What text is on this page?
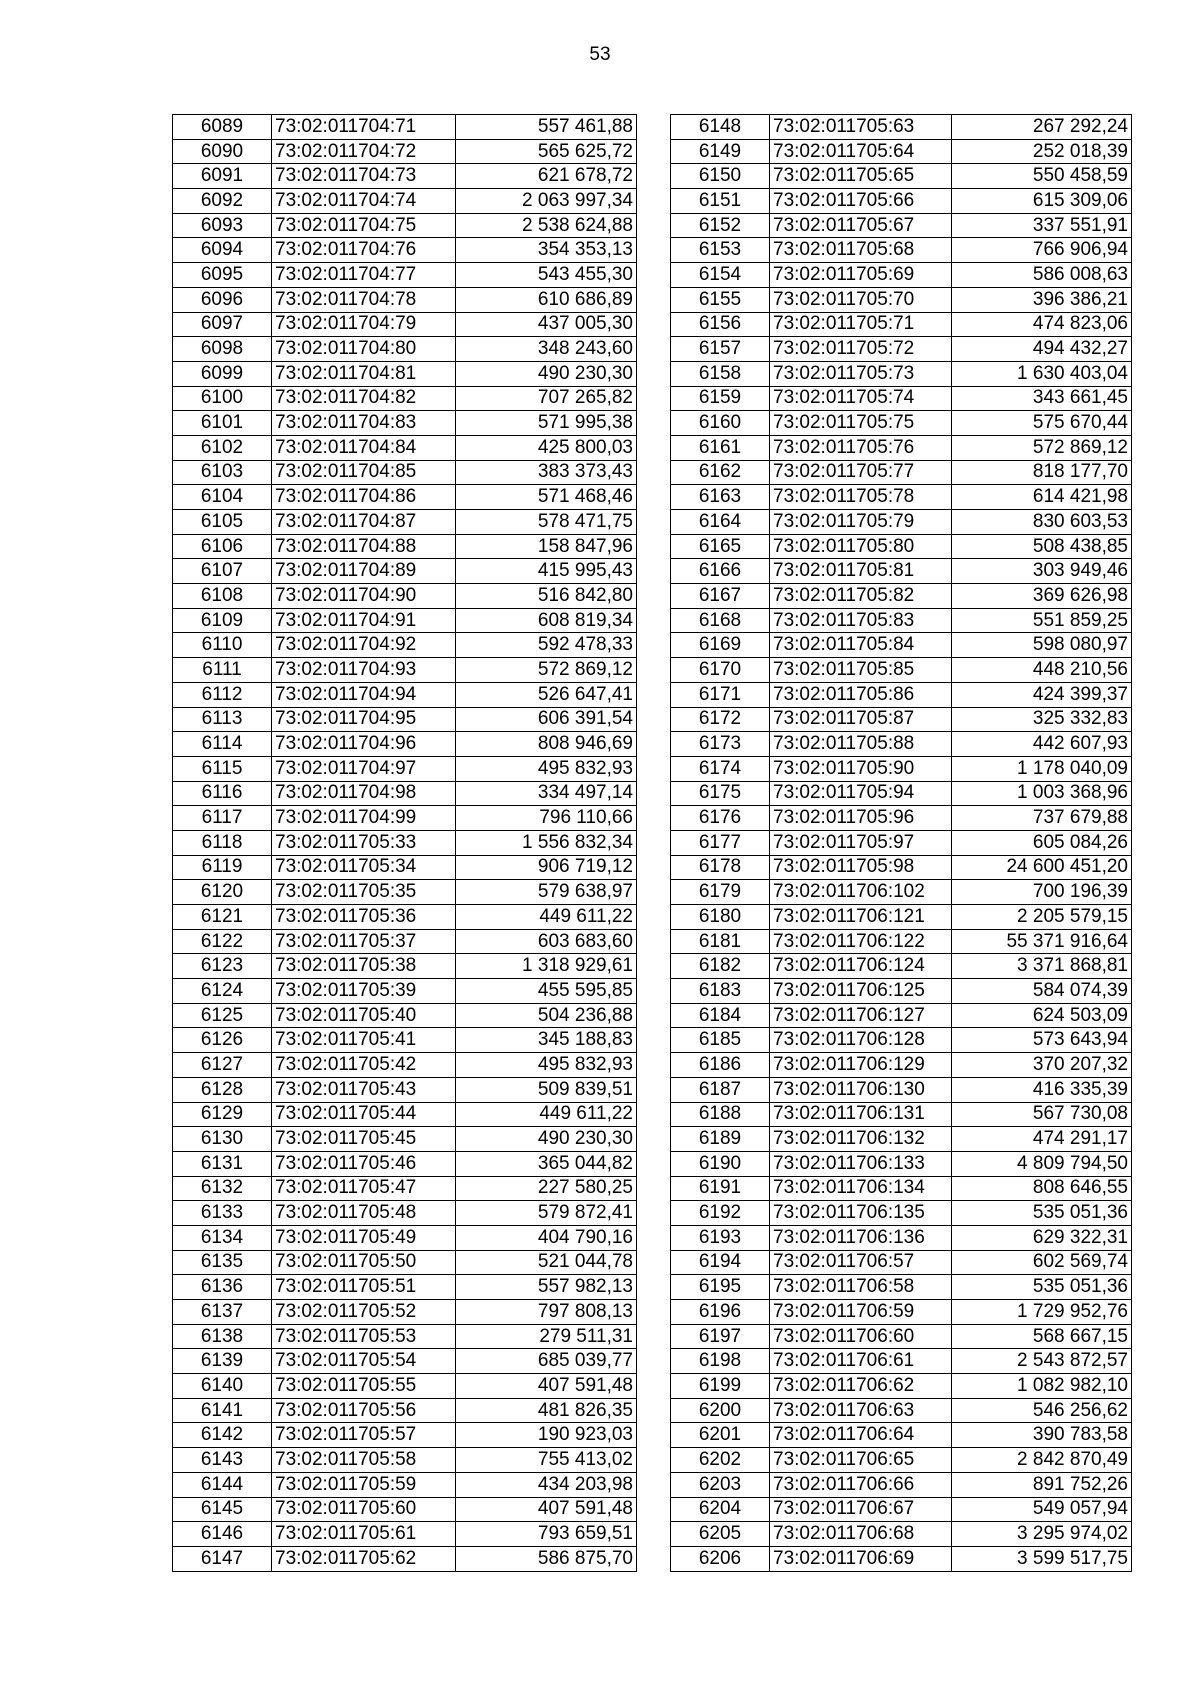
53
6089	73:02:011704:71	557 461,88
6090	73:02:011704:72	565 625,72
6091	73:02:011704:73	621 678,72
6092	73:02:011704:74	2 063 997,34
6093	73:02:011704:75	2 538 624,88
6094	73:02:011704:76	354 353,13
6095	73:02:011704:77	543 455,30
6096	73:02:011704:78	610 686,89
6097	73:02:011704:79	437 005,30
6098	73:02:011704:80	348 243,60
6099	73:02:011704:81	490 230,30
6100	73:02:011704:82	707 265,82
6101	73:02:011704:83	571 995,38
6102	73:02:011704:84	425 800,03
6103	73:02:011704:85	383 373,43
6104	73:02:011704:86	571 468,46
6105	73:02:011704:87	578 471,75
6106	73:02:011704:88	158 847,96
6107	73:02:011704:89	415 995,43
6108	73:02:011704:90	516 842,80
6109	73:02:011704:91	608 819,34
6110	73:02:011704:92	592 478,33
6111	73:02:011704:93	572 869,12
6112	73:02:011704:94	526 647,41
6113	73:02:011704:95	606 391,54
6114	73:02:011704:96	808 946,69
6115	73:02:011704:97	495 832,93
6116	73:02:011704:98	334 497,14
6117	73:02:011704:99	796 110,66
6118	73:02:011705:33	1 556 832,34
6119	73:02:011705:34	906 719,12
6120	73:02:011705:35	579 638,97
6121	73:02:011705:36	449 611,22
6122	73:02:011705:37	603 683,60
6123	73:02:011705:38	1 318 929,61
6124	73:02:011705:39	455 595,85
6125	73:02:011705:40	504 236,88
6126	73:02:011705:41	345 188,83
6127	73:02:011705:42	495 832,93
6128	73:02:011705:43	509 839,51
6129	73:02:011705:44	449 611,22
6130	73:02:011705:45	490 230,30
6131	73:02:011705:46	365 044,82
6132	73:02:011705:47	227 580,25
6133	73:02:011705:48	579 872,41
6134	73:02:011705:49	404 790,16
6135	73:02:011705:50	521 044,78
6136	73:02:011705:51	557 982,13
6137	73:02:011705:52	797 808,13
6138	73:02:011705:53	279 511,31
6139	73:02:011705:54	685 039,77
6140	73:02:011705:55	407 591,48
6141	73:02:011705:56	481 826,35
6142	73:02:011705:57	190 923,03
6143	73:02:011705:58	755 413,02
6144	73:02:011705:59	434 203,98
6145	73:02:011705:60	407 591,48
6146	73:02:011705:61	793 659,51
6147	73:02:011705:62	586 875,70
6148	73:02:011705:63	267 292,24
6149	73:02:011705:64	252 018,39
6150	73:02:011705:65	550 458,59
6151	73:02:011705:66	615 309,06
6152	73:02:011705:67	337 551,91
6153	73:02:011705:68	766 906,94
6154	73:02:011705:69	586 008,63
6155	73:02:011705:70	396 386,21
6156	73:02:011705:71	474 823,06
6157	73:02:011705:72	494 432,27
6158	73:02:011705:73	1 630 403,04
6159	73:02:011705:74	343 661,45
6160	73:02:011705:75	575 670,44
6161	73:02:011705:76	572 869,12
6162	73:02:011705:77	818 177,70
6163	73:02:011705:78	614 421,98
6164	73:02:011705:79	830 603,53
6165	73:02:011705:80	508 438,85
6166	73:02:011705:81	303 949,46
6167	73:02:011705:82	369 626,98
6168	73:02:011705:83	551 859,25
6169	73:02:011705:84	598 080,97
6170	73:02:011705:85	448 210,56
6171	73:02:011705:86	424 399,37
6172	73:02:011705:87	325 332,83
6173	73:02:011705:88	442 607,93
6174	73:02:011705:90	1 178 040,09
6175	73:02:011705:94	1 003 368,96
6176	73:02:011705:96	737 679,88
6177	73:02:011705:97	605 084,26
6178	73:02:011705:98	24 600 451,20
6179	73:02:011706:102	700 196,39
6180	73:02:011706:121	2 205 579,15
6181	73:02:011706:122	55 371 916,64
6182	73:02:011706:124	3 371 868,81
6183	73:02:011706:125	584 074,39
6184	73:02:011706:127	624 503,09
6185	73:02:011706:128	573 643,94
6186	73:02:011706:129	370 207,32
6187	73:02:011706:130	416 335,39
6188	73:02:011706:131	567 730,08
6189	73:02:011706:132	474 291,17
6190	73:02:011706:133	4 809 794,50
6191	73:02:011706:134	808 646,55
6192	73:02:011706:135	535 051,36
6193	73:02:011706:136	629 322,31
6194	73:02:011706:57	602 569,74
6195	73:02:011706:58	535 051,36
6196	73:02:011706:59	1 729 952,76
6197	73:02:011706:60	568 667,15
6198	73:02:011706:61	2 543 872,57
6199	73:02:011706:62	1 082 982,10
6200	73:02:011706:63	546 256,62
6201	73:02:011706:64	390 783,58
6202	73:02:011706:65	2 842 870,49
6203	73:02:011706:66	891 752,26
6204	73:02:011706:67	549 057,94
6205	73:02:011706:68	3 295 974,02
6206	73:02:011706:69	3 599 517,75
